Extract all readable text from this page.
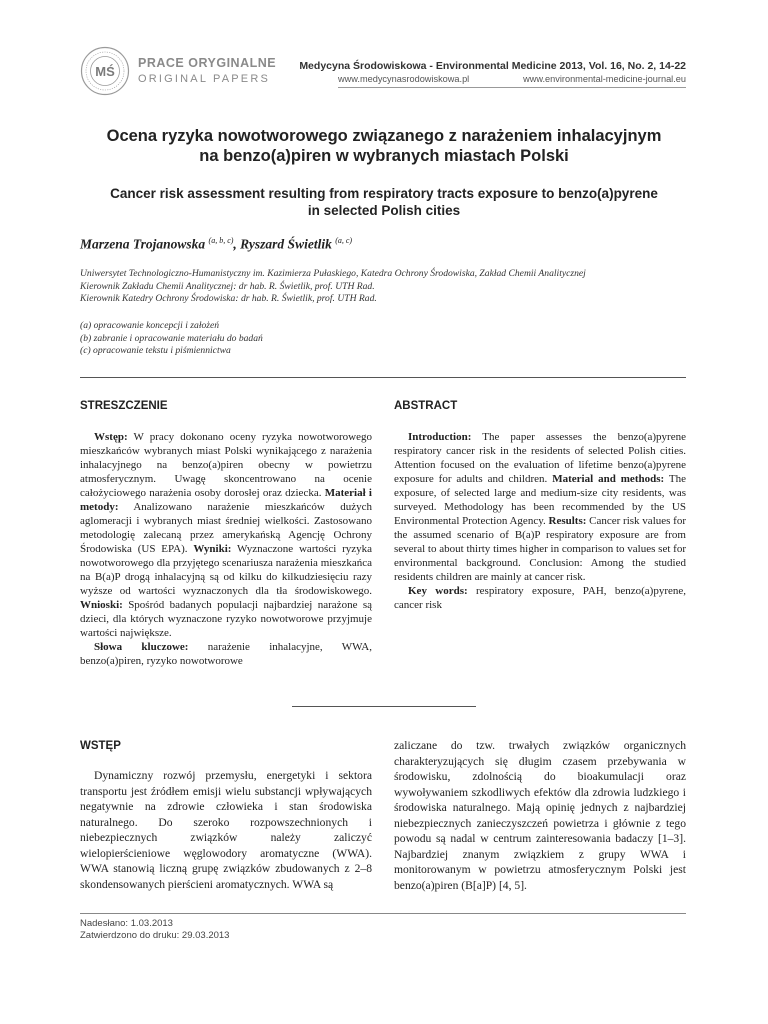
MŚ
PRACE ORYGINALNE
ORIGINAL PAPERS
Medycyna Środowiskowa - Environmental Medicine 2013, Vol. 16, No. 2, 14-22
www.medycynasrodowiskowa.pl	www.environmental-medicine-journal.eu
Ocena ryzyka nowotworowego związanego z narażeniem inhalacyjnym
na benzo(a)piren w wybranych miastach Polski
Cancer risk assessment resulting from respiratory tracts exposure to benzo(a)pyrene
in selected Polish cities
Marzena Trojanowska $^{(a, b, c)}$, Ryszard Świetlik $^{(a, c)}$
Uniwersytet Technologiczno-Humanistyczny im. Kazimierza Pułaskiego, Katedra Ochrony Środowiska, Zakład Chemii Analitycznej
Kierownik Zakładu Chemii Analitycznej: dr hab. R. Świetlik, prof. UTH Rad.
Kierownik Katedry Ochrony Środowiska: dr hab. R. Świetlik, prof. UTH Rad.
(a) opracowanie koncepcji i założeń
(b) zabranie i opracowanie materiału do badań
(c) opracowanie tekstu i piśmiennictwa
STRESZCZENIE

Wstęp: W pracy dokonano oceny ryzyka nowotworowego mieszkańców wybranych miast Polski wynikającego z narażenia inhalacyjnego na benzo(a)piren obecny w powietrzu atmosferycznym. Uwagę skoncentrowano na ocenie całożyciowego narażenia osoby dorosłej oraz dziecka. Materiał i metody: Analizowano narażenie mieszkańców dużych aglomeracji i wybranych miast średniej wielkości. Zastosowano metodologię zalecaną przez amerykańską Agencję Ochrony Środowiska (US EPA). Wyniki: Wyznaczone wartości ryzyka nowotworowego dla przyjętego scenariusza narażenia mieszkańca na B(a)P drogą inhalacyjną są od kilku do kilkudziesięciu razy wyższe od wartości wyznaczonych dla tła środowiskowego. Wnioski: Spośród badanych populacji najbardziej narażone są dzieci, dla których wyznaczone ryzyko nowotworowe przyjmuje wartości największe.

Słowa kluczowe: narażenie inhalacyjne, WWA, benzo(a)piren, ryzyko nowotworowe

ABSTRACT

Introduction: The paper assesses the benzo(a)pyrene respiratory cancer risk in the residents of selected Polish cities. Attention focused on the evaluation of lifetime benzo(a)pyrene exposure for adults and children. Material and methods: The exposure, of selected large and medium-size city residents, was surveyed. Methodology has been recommended by the US Environmental Protection Agency. Results: Cancer risk values for the assumed scenario of B(a)P respiratory exposure are from several to about thirty times higher in comparison to values set for environmental background. Conclusion: Among the studied residents children are mainly at cancer risk.

Key words: respiratory exposure, PAH, benzo(a)pyrene, cancer risk

WSTĘP

Dynamiczny rozwój przemysłu, energetyki i sektora transportu jest źródłem emisji wielu substancji wpływających negatywnie na zdrowie człowieka i stan środowiska naturalnego. Do szeroko rozpowszechnionych i niebezpiecznych związków należy zaliczyć wielopierścieniowe węglowodory aromatyczne (WWA). WWA stanowią liczną grupę związków zbudowanych z 2–8 skondensowanych pierścieni aromatycznych. WWA są

zaliczane do tzw. trwałych związków organicznych charakteryzujących się długim czasem przebywania w środowisku, zdolnością do bioakumulacji oraz wywoływaniem szkodliwych efektów dla zdrowia ludzkiego i środowiska naturalnego. Mają opinię jednych z najbardziej niebezpiecznych zanieczyszczeń powietrza i głównie z tego powodu są nadal w centrum zainteresowania badaczy [1–3]. Najbardziej znanym związkiem z grupy WWA i monitorowanym w powietrzu atmosferycznym Polski jest benzo(a)piren (B[a]P) [4, 5].

Nadesłano: 1.03.2013
Zatwierdzono do druku: 29.03.2013
